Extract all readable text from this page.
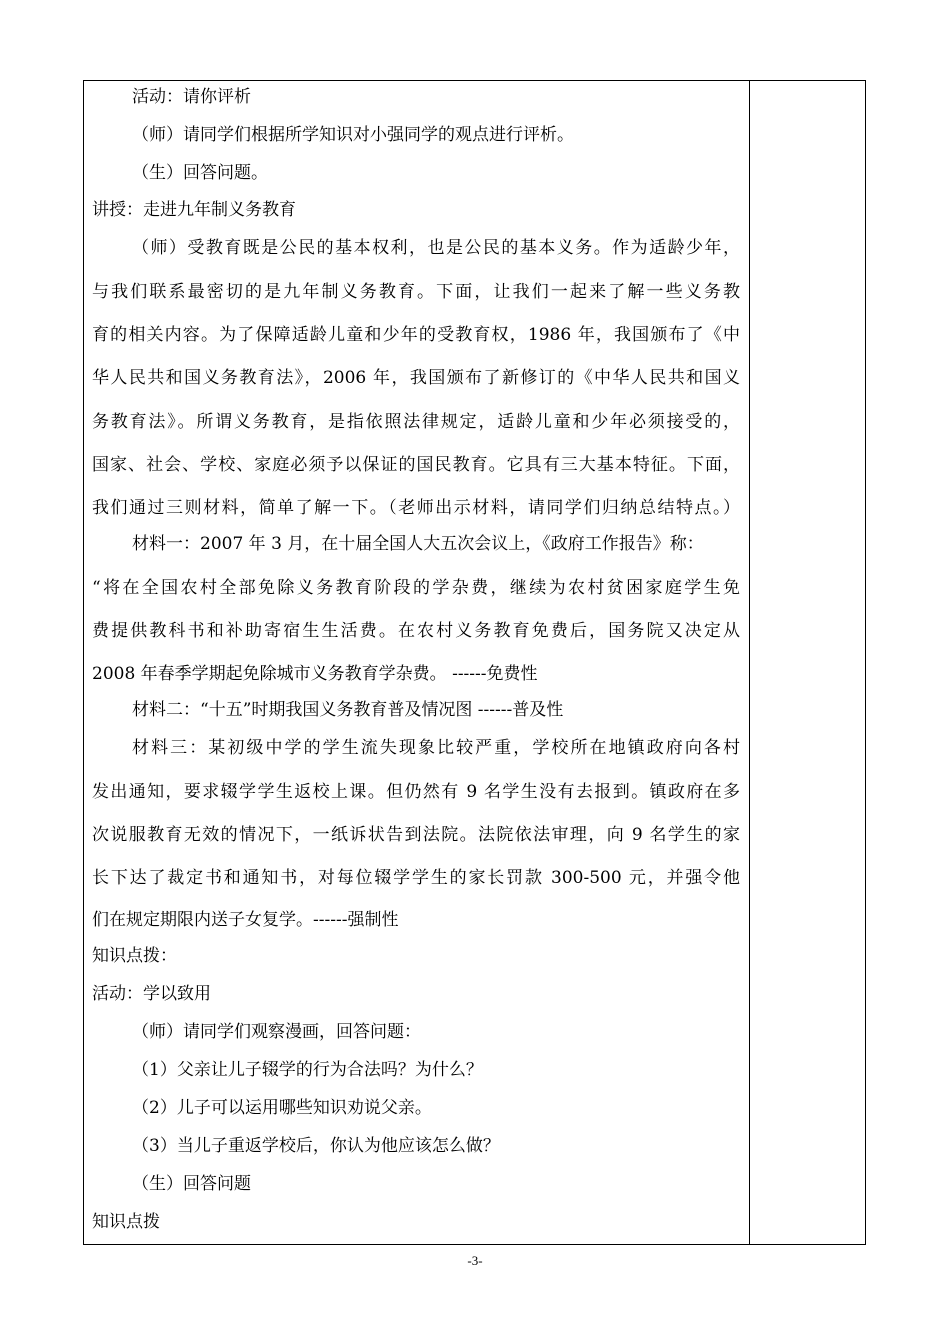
活动：请你评析
（师）请同学们根据所学知识对小强同学的观点进行评析。
（生）回答问题。
讲授：走进九年制义务教育
（师）受教育既是公民的基本权利，也是公民的基本义务。作为适龄少年，
与我们联系最密切的是九年制义务教育。下面，让我们一起来了解一些义务教
育的相关内容。为了保障适龄儿童和少年的受教育权，1986 年，我国颁布了《中
华人民共和国义务教育法》，2006 年，我国颁布了新修订的《中华人民共和国义
务教育法》。所谓义务教育，是指依照法律规定，适龄儿童和少年必须接受的，
国家、社会、学校、家庭必须予以保证的国民教育。它具有三大基本特征。下面，
我们通过三则材料，简单了解一下。（老师出示材料，请同学们归纳总结特点。）
材料一：2007 年 3 月，在十届全国人大五次会议上，《政府工作报告》称：
“将在全国农村全部免除义务教育阶段的学杂费，继续为农村贫困家庭学生免
费提供教科书和补助寄宿生生活费。在农村义务教育免费后，国务院又决定从
2008 年春季学期起免除城市义务教育学杂费。 ------免费性
材料二：“十五”时期我国义务教育普及情况图 ------普及性
材料三：某初级中学的学生流失现象比较严重，学校所在地镇政府向各村
发出通知，要求辍学学生返校上课。但仍然有 9 名学生没有去报到。镇政府在多
次说服教育无效的情况下，一纸诉状告到法院。法院依法审理，向 9 名学生的家
长下达了裁定书和通知书，对每位辍学学生的家长罚款 300-500 元，并强令他
们在规定期限内送子女复学。------强制性
知识点拨：
活动：学以致用
（师）请同学们观察漫画，回答问题：
（1）父亲让儿子辍学的行为合法吗？为什么？
（2）儿子可以运用哪些知识劝说父亲。
（3）当儿子重返学校后，你认为他应该怎么做？
（生）回答问题
知识点拨
-3-
